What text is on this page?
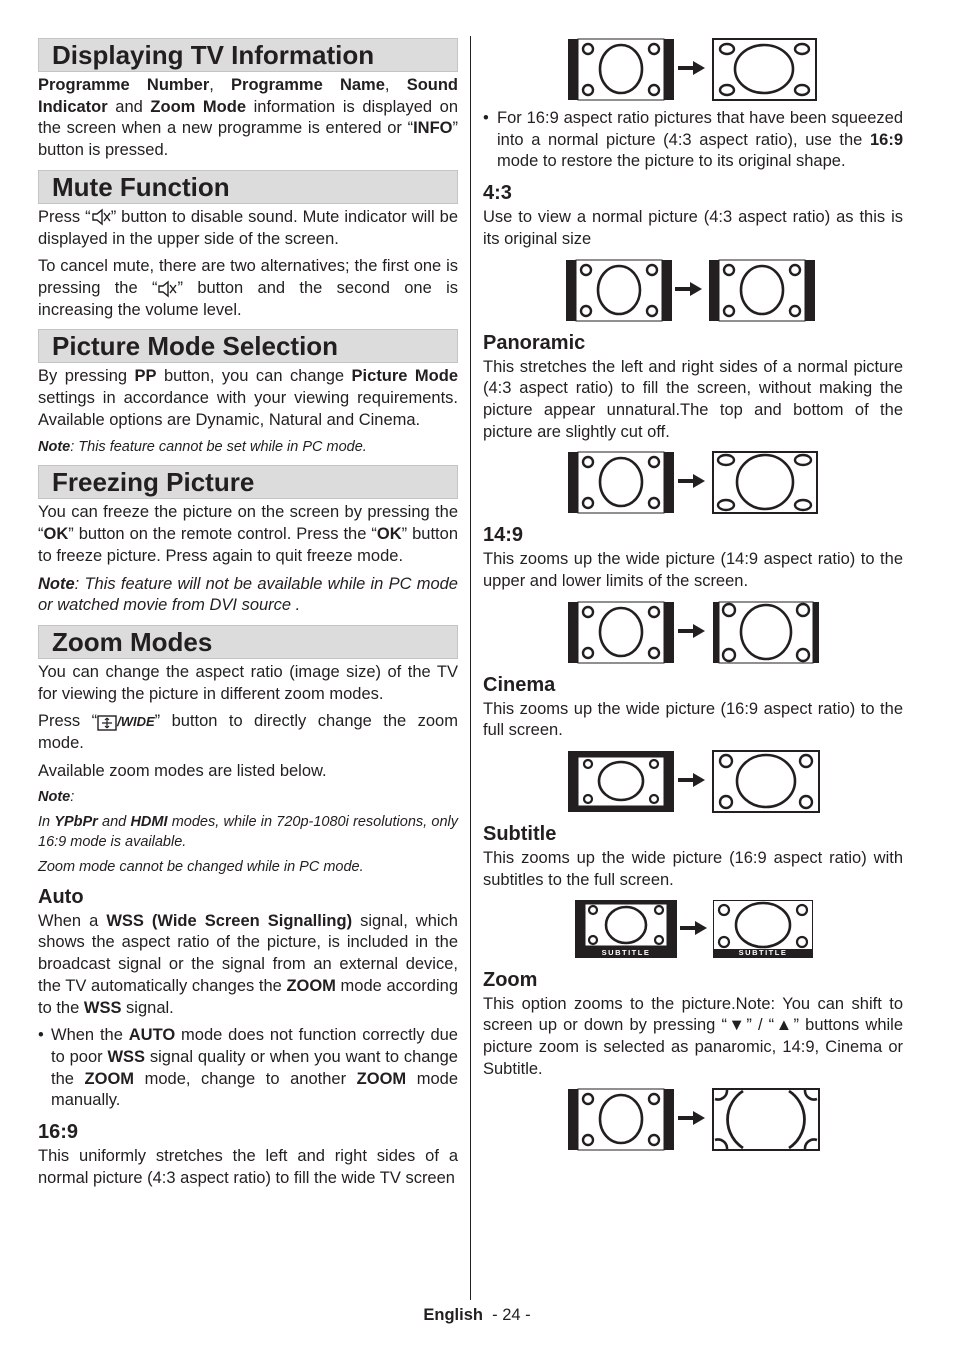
Displaying TV Information

Programme Number, Programme Name, Sound Indicator and Zoom Mode information is displayed on the screen when a new programme is entered or “INFO” button is pressed.

Mute Function

Press “ ” button to disable sound. Mute indicator will be displayed in the upper side of the screen.

To cancel mute, there are two alternatives; the first one is pressing the “ ” button and the second one is increasing the volume level.

Picture Mode Selection

By pressing PP button, you can change Picture Mode settings in accordance with your viewing requirements. Available options are Dynamic, Natural and Cinema.

Note: This feature cannot be set while in PC mode.

Freezing Picture

You can freeze the picture on the screen by pressing the “OK” button on the remote control. Press the “OK” button to freeze picture. Press again to quit freeze mode.

Note: This feature will not be available while in PC mode or watched movie from DVI source .

Zoom Modes

You can change the aspect ratio (image size) of the TV for viewing the picture in different zoom modes.

Press “ /WIDE” button to directly change the zoom mode.

Available zoom modes are listed below.

Note:

In YPbPr and HDMI modes, while in 720p-1080i resolutions, only 16:9 mode is available.

Zoom mode cannot be changed while in PC mode.

Auto

When a WSS (Wide Screen Signalling) signal, which shows the aspect ratio of the picture, is included in the broadcast signal or the signal from an external device, the TV automatically changes the ZOOM mode according to the WSS signal.

• When the AUTO mode does not function correctly due to poor WSS signal quality or when you want to change the ZOOM mode, change to another ZOOM mode manually.

16:9

This uniformly stretches the left and right sides of a normal picture (4:3 aspect ratio) to fill the wide TV screen

• For 16:9 aspect ratio pictures that have been squeezed into a normal picture (4:3 aspect ratio), use the 16:9 mode to restore the picture to its original shape.

4:3

Use to view a normal picture (4:3 aspect ratio) as this is its original size

Panoramic

This stretches the left and right sides of a normal picture (4:3 aspect ratio) to fill the screen, without making the picture appear unnatural.The top and bottom of the picture are slightly cut off.

14:9

This zooms up the wide picture (14:9 aspect ratio) to the upper and lower limits of the screen.

Cinema

This zooms up the wide picture (16:9 aspect ratio) to the full screen.

Subtitle

This zooms up the wide picture (16:9 aspect ratio) with subtitles to the full screen.

SUBTITLE	SUBTITLE
Zoom

This option zooms to the picture.Note: You can shift to screen up or down by pressing “▼” / “▲” buttons while picture zoom is selected as panaromic, 14:9, Cinema or Subtitle.

English  - 24 -
